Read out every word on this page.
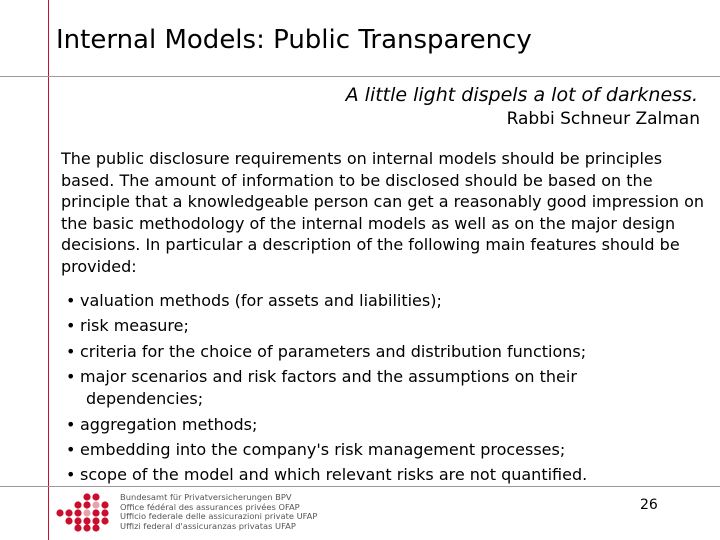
Internal Models: Public Transparency
A little light dispels a lot of darkness.
Rabbi Schneur Zalman
The public disclosure requirements on internal models should be principles based. The amount of information to be disclosed should be based on the principle that a knowledgeable person can get a reasonably good impression on the basic methodology of the internal models as well as on the major design decisions. In particular a description of the following main features should be provided:
• valuation methods (for assets and liabilities);
• risk measure;
• criteria for the choice of parameters and distribution functions;
• major scenarios and risk factors and the assumptions on their
dependencies;
• aggregation methods;
• embedding into the company's risk management processes;
• scope of the model and which relevant risks are not quantified.
26
Bundesamt für Privatversicherungen BPV
Office fédéral des assurances privées OFAP
Ufficio federale delle assicurazioni private UFAP
Uffizi federal d'assicuranzas privatas UFAP
